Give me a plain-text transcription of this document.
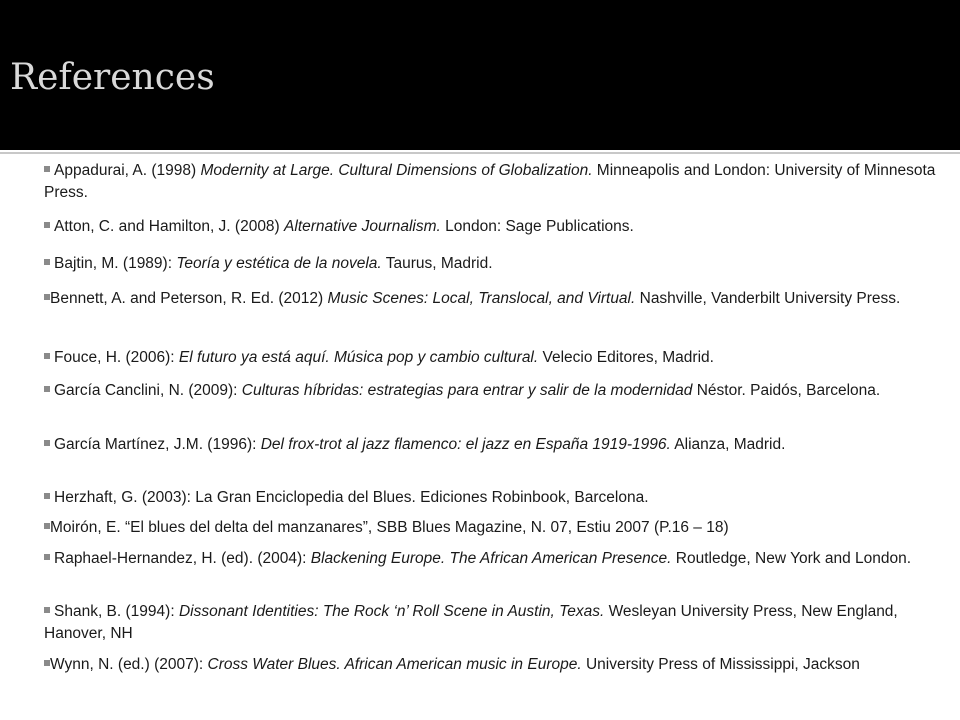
References
Appadurai, A. (1998) Modernity at Large. Cultural Dimensions of Globalization. Minneapolis and London: University of Minnesota Press.
Atton, C. and Hamilton, J. (2008) Alternative Journalism. London: Sage Publications.
Bajtin, M. (1989): Teoría y estética de la novela. Taurus, Madrid.
Bennett, A. and Peterson, R. Ed. (2012) Music Scenes: Local, Translocal, and Virtual. Nashville, Vanderbilt University Press.
Fouce, H. (2006): El futuro ya está aquí. Música pop y cambio cultural. Velecio Editores, Madrid.
García Canclini, N. (2009): Culturas híbridas: estrategias para entrar y salir de la modernidad Néstor. Paidós, Barcelona.
García Martínez, J.M. (1996): Del frox-trot al jazz flamenco: el jazz en España 1919-1996. Alianza, Madrid.
Herzhaft, G. (2003): La Gran Enciclopedia del Blues. Ediciones Robinbook, Barcelona.
Moirón, E. “El blues del delta del manzanares”, SBB Blues Magazine, N. 07, Estiu 2007 (P.16 – 18)
Raphael-Hernandez, H. (ed). (2004): Blackening Europe. The African American Presence. Routledge, New York and London.
Shank, B. (1994): Dissonant Identities: The Rock ‘n’ Roll Scene in Austin, Texas. Wesleyan University Press, New England, Hanover, NH
Wynn, N. (ed.) (2007): Cross Water Blues. African American music in Europe. University Press of Mississippi, Jackson
